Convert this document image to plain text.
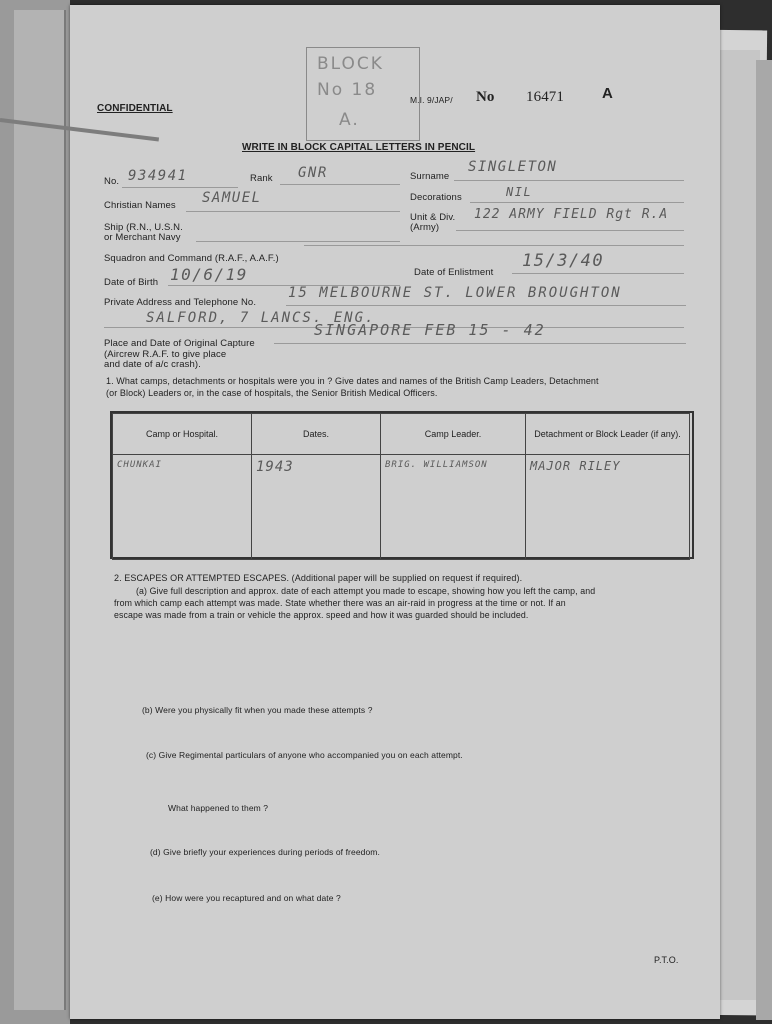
BLOCK
No 18
A.
CONFIDENTIAL
M.I. 9/JAP/ No 16471	A
WRITE IN BLOCK CAPITAL LETTERS IN PENCIL
No. 934941	Rank GNR	Surname
SINGLETON
Christian Names SAMUEL	Decorations	NIL
Ship (R.N., U.S.N.
or Merchant Navy
Unit & Div.
(Army)
122 ARMY FIELD Rgt R.A
Squadron and Command (R.A.F., A.A.F.)
Date of Birth 10/6/19	Date of Enlistment
15/3/40
Private Address and Telephone No.
15 MELBOURNE ST. LOWER BROUGHTON
SALFORD, 7 LANCS. ENG.
Place and Date of Original Capture
(Aircrew R.A.F. to give place
and date of a/c crash).
SINGAPORE FEB 15 - 42
1. What camps, detachments or hospitals were you in ? Give dates and names of the British Camp Leaders, Detachment
(or Block) Leaders or, in the case of hospitals, the Senior British Medical Officers.
Camp or Hospital.	Dates.	Camp Leader.	Detachment or Block Leader (if any).
CHUNKAI	1943	BRIG. WILLIAMSON	MAJOR RILEY
2. ESCAPES OR ATTEMPTED ESCAPES. (Additional paper will be supplied on request if required).
(a) Give full description and approx. date of each attempt you made to escape, showing how you left the camp, and
from which camp each attempt was made. State whether there was an air-raid in progress at the time or not. If an
escape was made from a train or vehicle the approx. speed and how it was guarded should be included.
(b) Were you physically fit when you made these attempts ?
(c) Give Regimental particulars of anyone who accompanied you on each attempt.
What happened to them ?
(d) Give briefly your experiences during periods of freedom.
(e) How were you recaptured and on what date ?
P.T.O.
